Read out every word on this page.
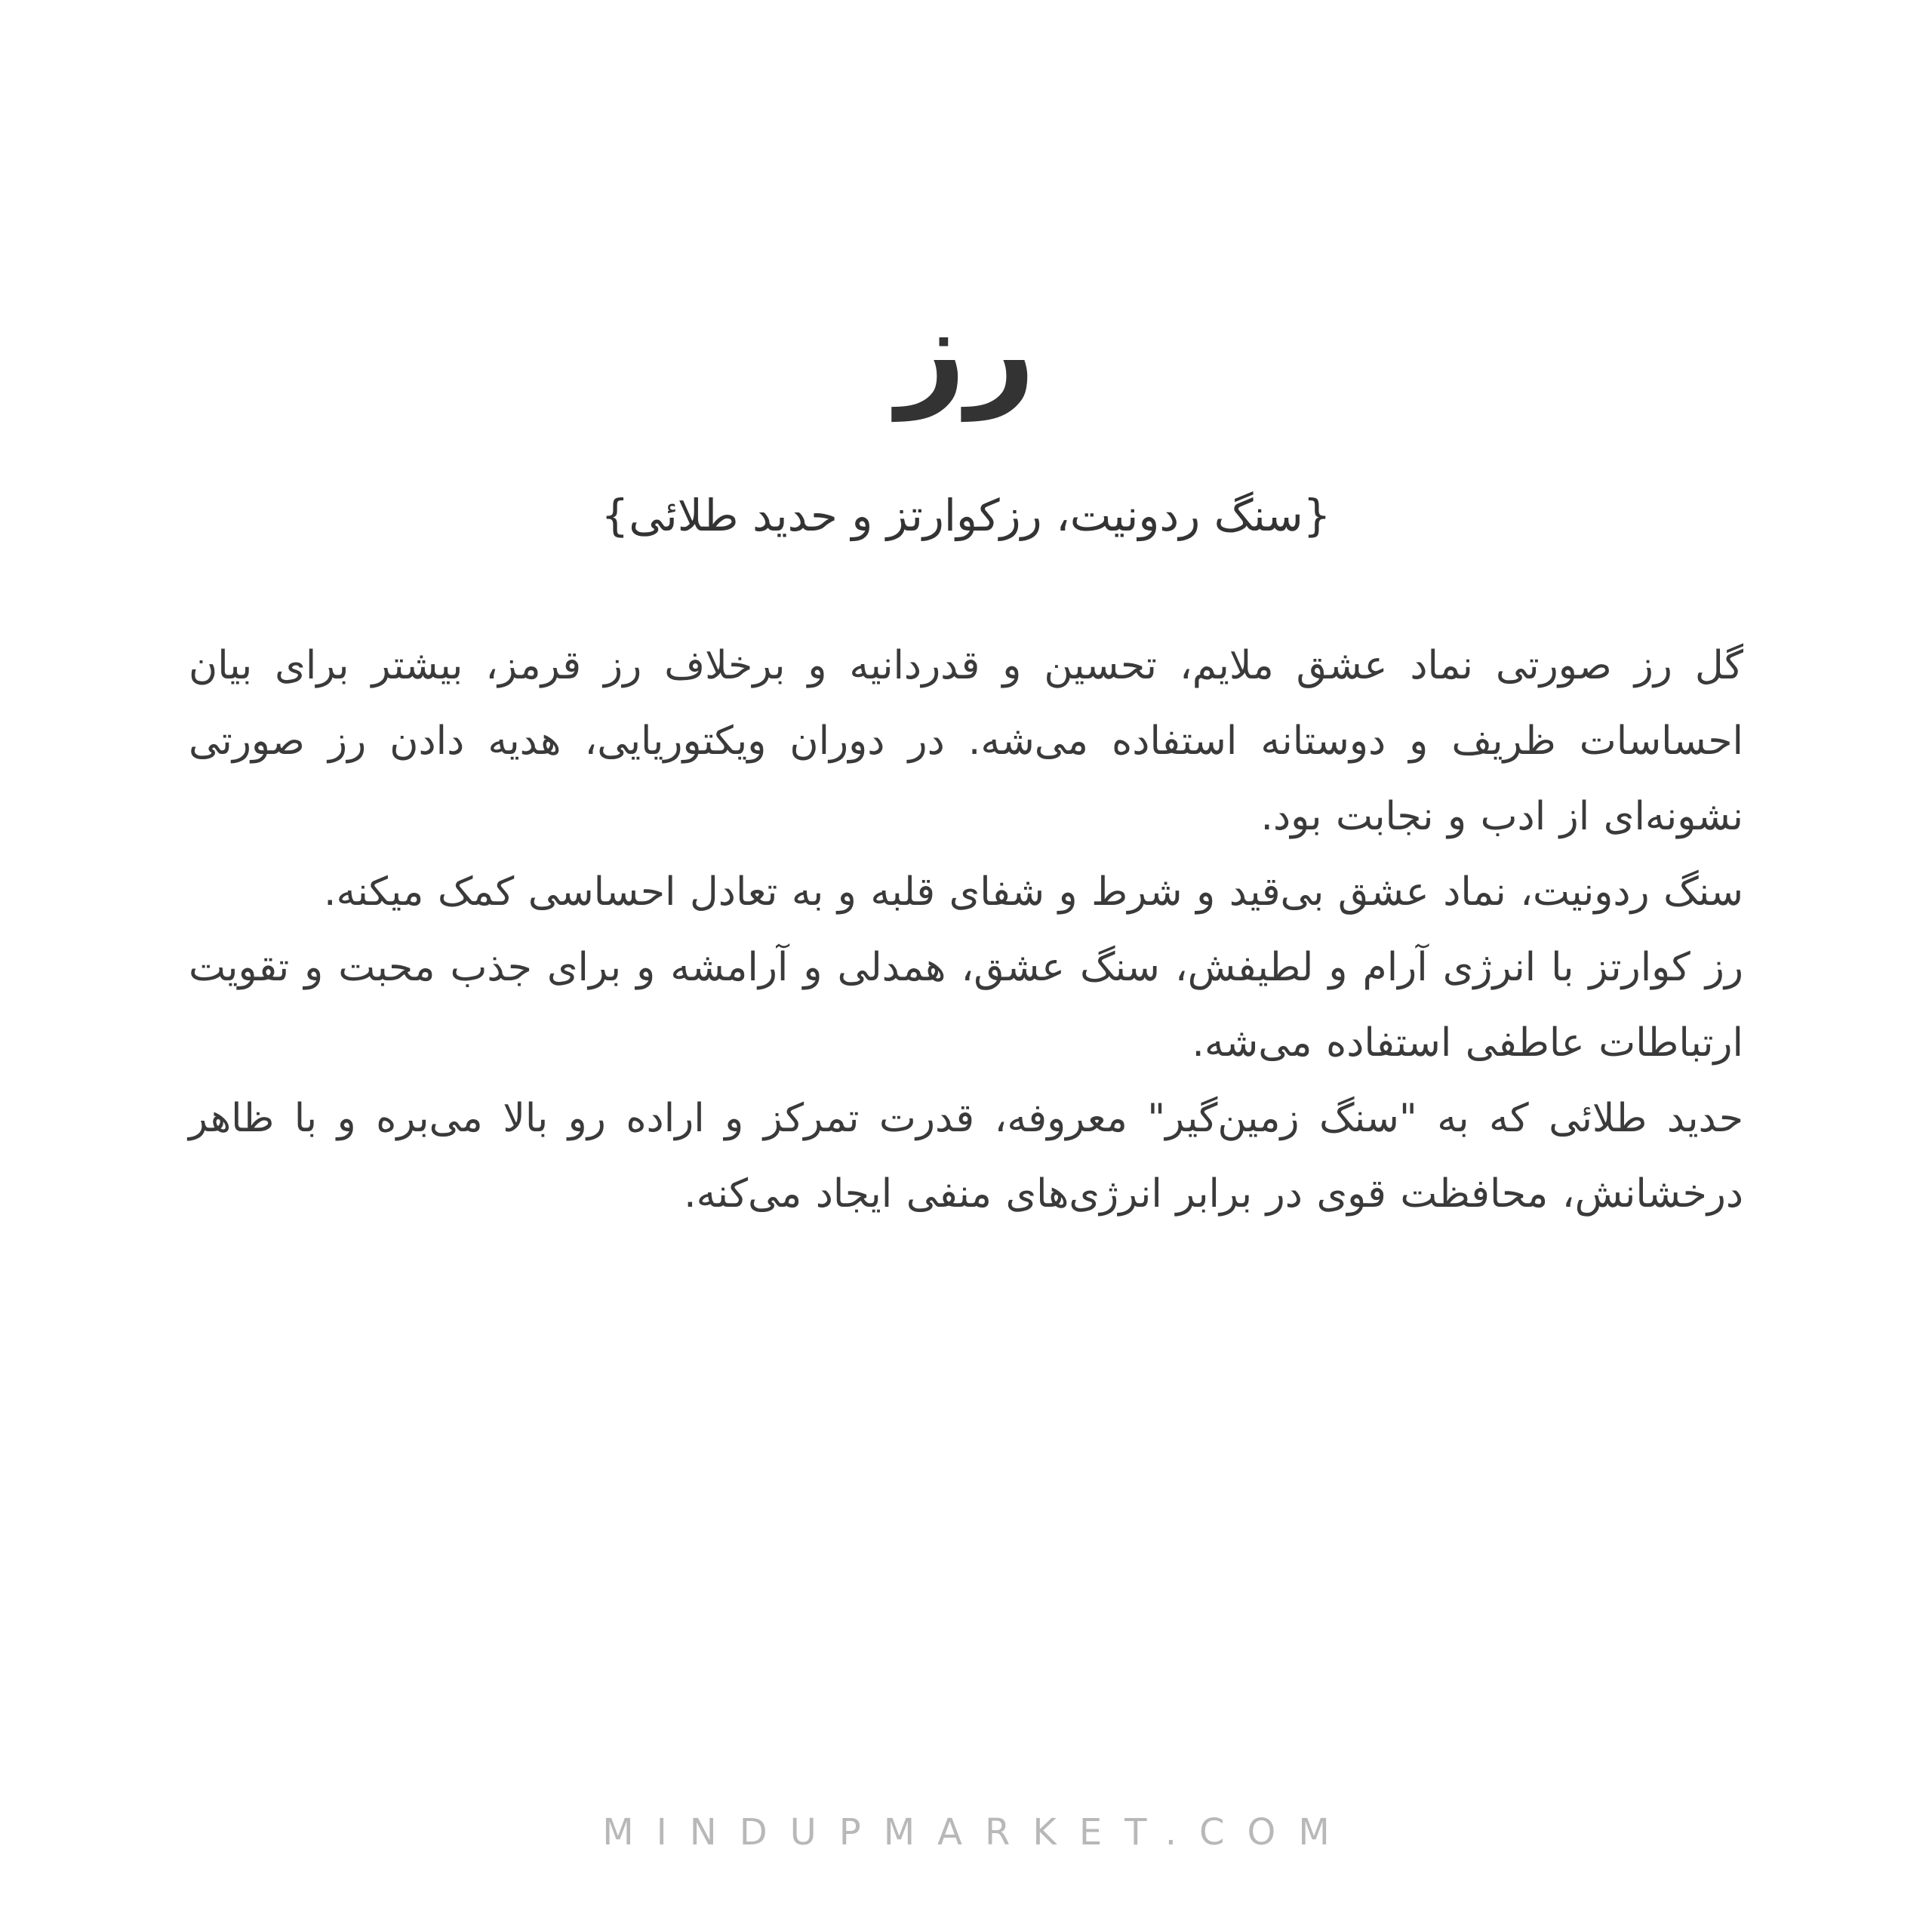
رز
{سنگ ردونیت، رزکوارتز و حدید طلائی}

گل رز صورتی نماد عشق ملایم، تحسین و قدردانیه و برخلاف رز قرمز، بیشتر برای بیان احساسات ظریف و دوستانه استفاده می‌شه. در دوران ویکتوریایی، هدیه دادن رز صورتی نشونه‌ای از ادب و نجابت بود.

سنگ ردونیت، نماد عشق بی‌قید و شرط و شفای قلبه و به تعادل احساسی کمک میکنه.

رز کوارتز با انرژی آرام و لطیفش، سنگ عشق، همدلی و آرامشه و برای جذب محبت و تقویت ارتباطات عاطفی استفاده می‌شه.

حدید طلائی که به "سنگ زمین‌گیر" معروفه، قدرت تمرکز و اراده رو بالا می‌بره و با ظاهر درخشانش، محافظت قوی در برابر انرژی‌های منفی ایجاد می‌کنه.

MINDUPMARKET.COM
